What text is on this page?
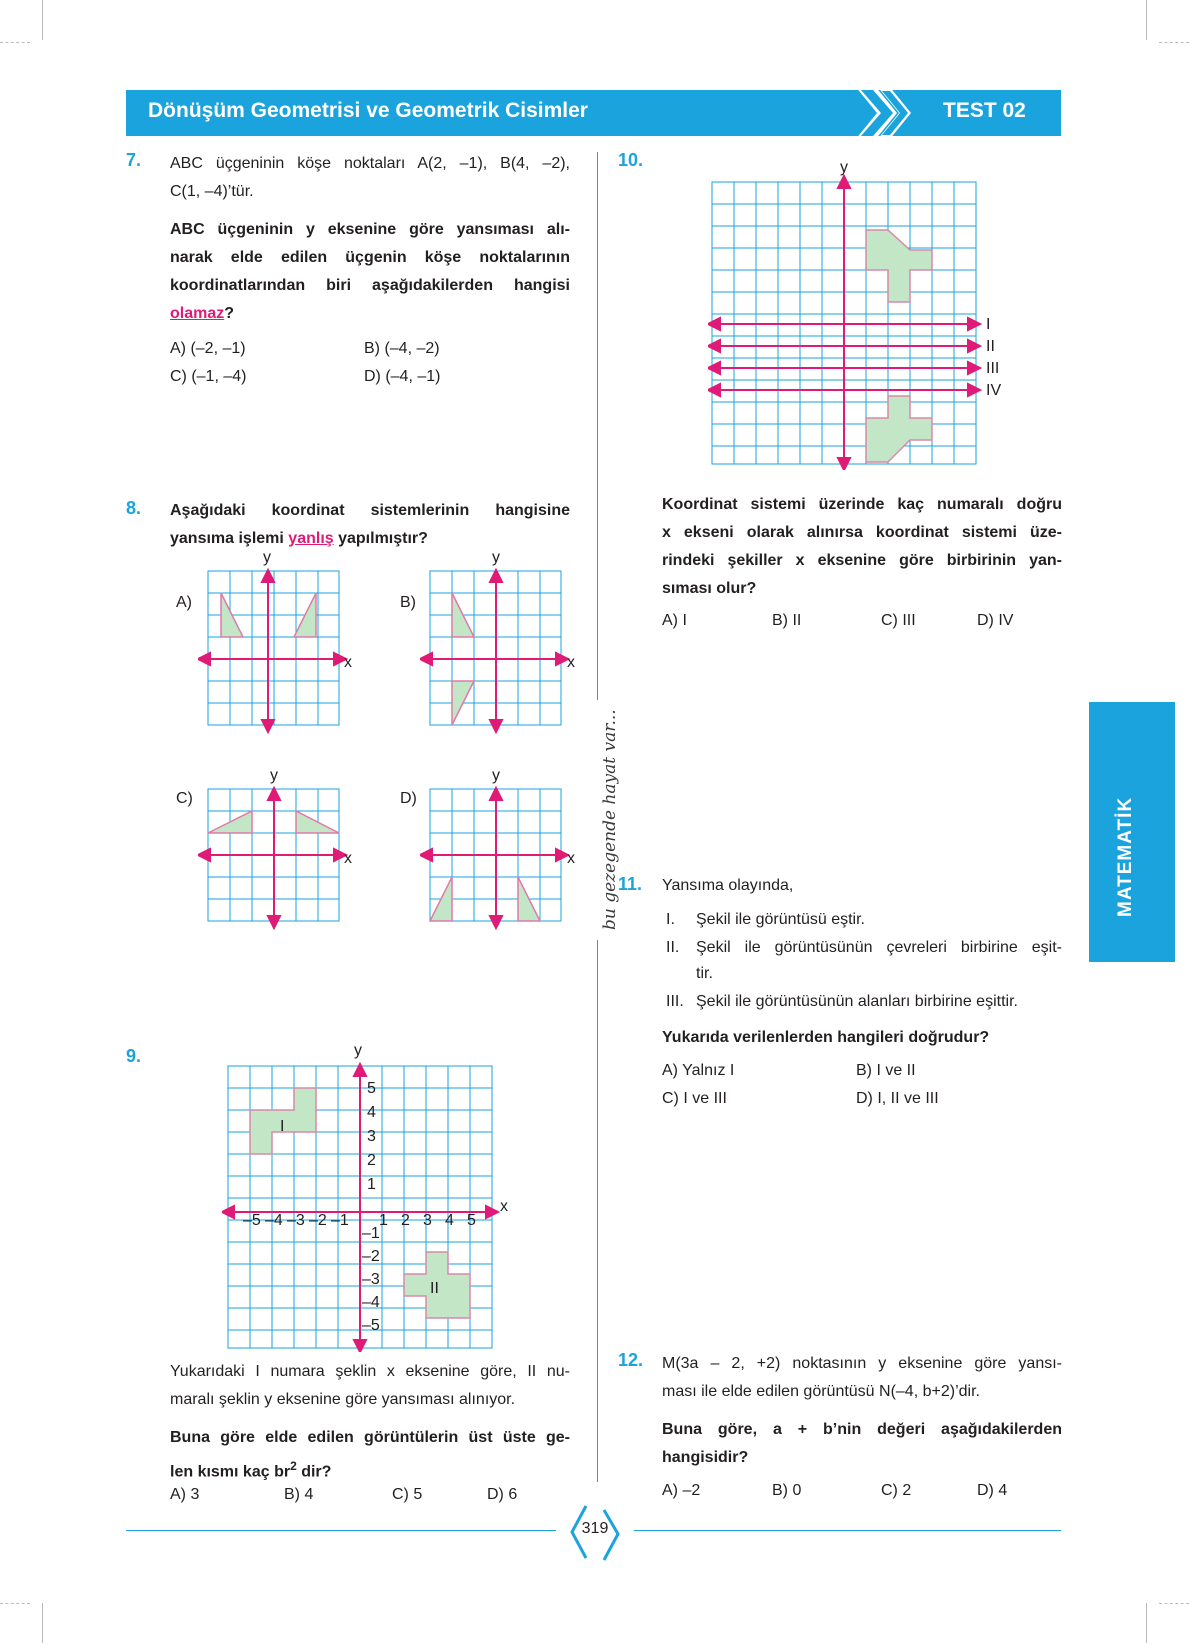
Dönüşüm Geometrisi ve Geometrik Cisimler	TEST 02
MATEMATİK
bu gezegende hayat var...
7. ABC üçgeninin köşe noktaları A(2, –1), B(4, –2),
C(1, –4)’tür.
ABC üçgeninin y eksenine göre yansıması alı-
narak elde edilen üçgenin köşe noktalarının
koordinatlarından biri aşağıdakilerden hangisi
olamaz?
A) (–2, –1)	B) (–4, –2)
C) (–1, –4)	D) (–4, –1)
8. Aşağıdaki koordinat sistemlerinin hangisine
yansıma işlemi yanlış yapılmıştır?
A)	B)
C)	D)
y
x
y
x
y
x
y
x
9.	y
x
I
II
–5 –4 –3 –2 –1 1 2 3 4 5
5
4
3
2
1
–1
–2
–3
–4
–5
Yukarıdaki I numara şeklin x eksenine göre, II nu-
maralı şeklin y eksenine göre yansıması alınıyor.
Buna göre elde edilen görüntülerin üst üste ge-
len kısmı kaç $br^2$ dir?
A) 3	B) 4	C) 5	D) 6
10.	y
I
II
III
IV
Koordinat sistemi üzerinde kaç numaralı doğru
x ekseni olarak alınırsa koordinat sistemi üze-
rindeki şekiller x eksenine göre birbirinin yan-
sıması olur?
A) I	B) II	C) III	D) IV
11. Yansıma olayında,
I. Şekil ile görüntüsü eştir.
II. Şekil ile görüntüsünün çevreleri birbirine eşit-
tir.
III. Şekil ile görüntüsünün alanları birbirine eşittir.
Yukarıda verilenlerden hangileri doğrudur?
A) Yalnız I	B) I ve II
C) I ve III	D) I, II ve III
12. M(3a – 2, +2) noktasının y eksenine göre yansı-
ması ile elde edilen görüntüsü N(–4, b+2)’dir.
Buna göre, a + b’nin değeri aşağıdakilerden
hangisidir?
A) –2	B) 0	C) 2	D) 4
319
